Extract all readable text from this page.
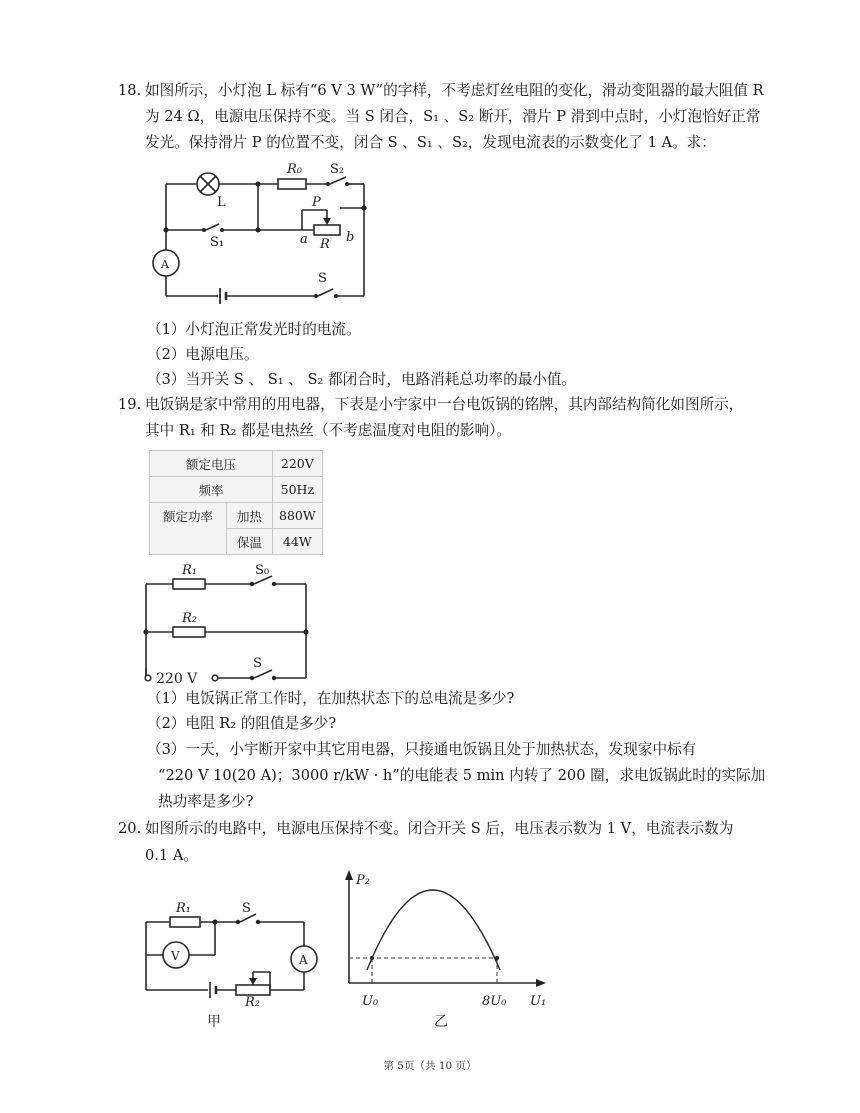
18. 如图所示，小灯泡 L 标有“6 V 3 W”的字样，不考虑灯丝电阻的变化，滑动变阻器的最大阻值 R
为 24 Ω，电源电压保持不变。当 S 闭合，S₁ 、S₂ 断开，滑片 P 滑到中点时，小灯泡恰好正常
发光。保持滑片 P 的位置不变，闭合 S 、S₁ 、S₂，发现电流表的示数变化了 1 A。求：
L
R₀ S₂
P
S₁	a R b
A
S
（1）小灯泡正常发光时的电流。
（2）电源电压。
（3）当开关 S 、 S₁ 、 S₂ 都闭合时，电路消耗总功率的最小值。
19. 电饭锅是家中常用的用电器，下表是小宇家中一台电饭锅的铭牌，其内部结构简化如图所示，
其中 R₁ 和 R₂ 都是电热丝（不考虑温度对电阻的影响）。
额定电压		220V
频率		50Hz
额定功率	加热	880W
	保温	44W
R₁	S₀
R₂
220 V
S
（1）电饭锅正常工作时，在加热状态下的总电流是多少?
（2）电阻 R₂ 的阻值是多少?
（3）一天，小宇断开家中其它用电器，只接通电饭锅且处于加热状态，发现家中标有
“220 V 10(20 A)；3000 r/kW · h”的电能表 5 min 内转了 200 圈，求电饭锅此时的实际加
热功率是多少?
20. 如图所示的电路中，电源电压保持不变。闭合开关 S 后，电压表示数为 1 V，电流表示数为
0.1 A。
R₁	S
V	A
R₂
甲
P₂
U₁
U₀	8U₀
乙
第 5页（共 10 页）
